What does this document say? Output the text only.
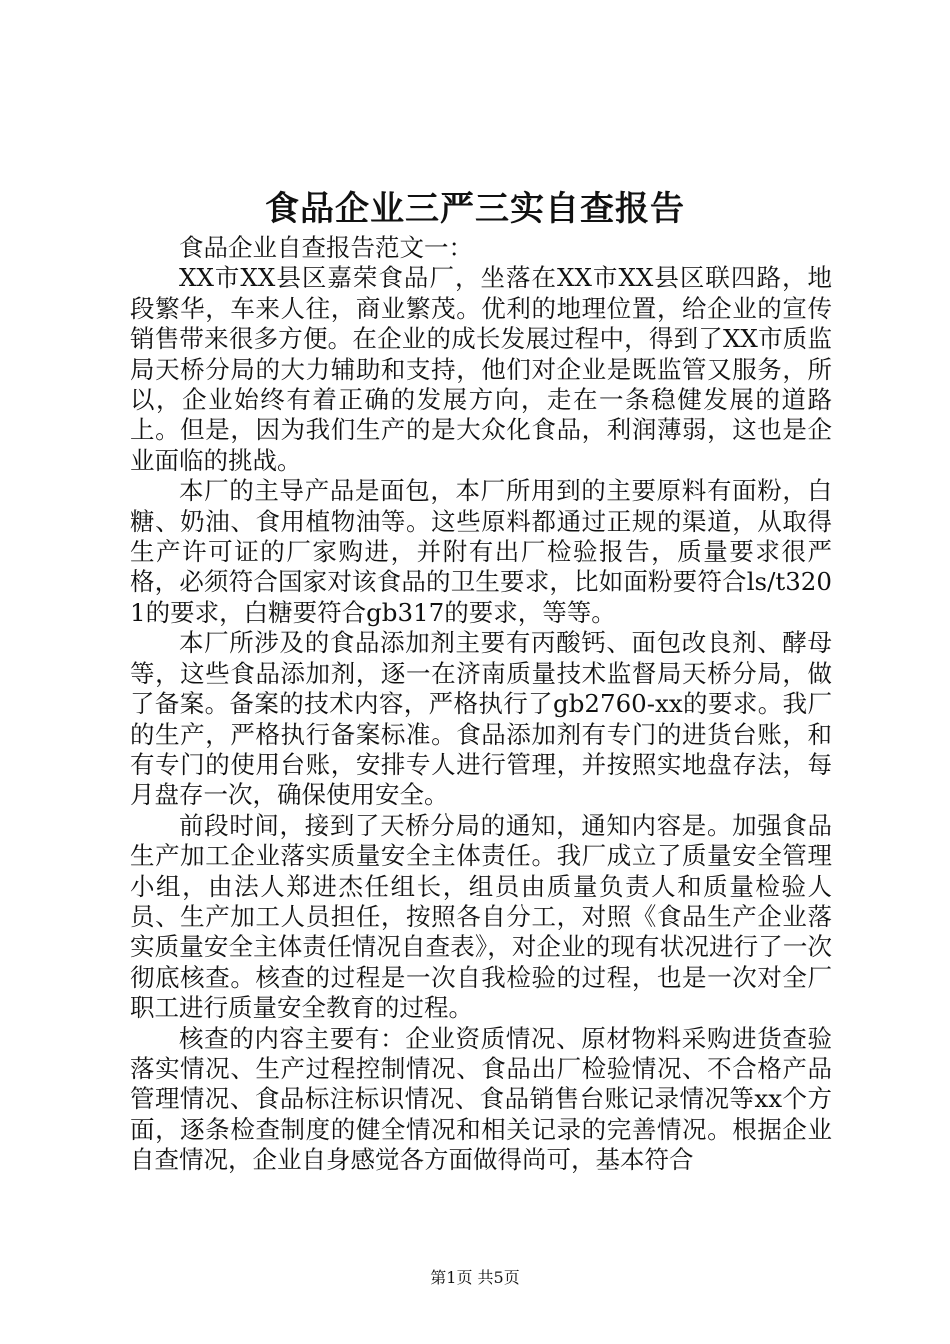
食品企业三严三实自查报告

食品企业自查报告范文一：

XX市XX县区嘉荣食品厂，坐落在XX市XX县区联四路，地段繁华，车来人往，商业繁茂。优利的地理位置，给企业的宣传销售带来很多方便。在企业的成长发展过程中，得到了XX市质监局天桥分局的大力辅助和支持，他们对企业是既监管又服务，所以，企业始终有着正确的发展方向，走在一条稳健发展的道路上。但是，因为我们生产的是大众化食品，利润薄弱，这也是企业面临的挑战。

本厂的主导产品是面包，本厂所用到的主要原料有面粉，白糖、奶油、食用植物油等。这些原料都通过正规的渠道，从取得生产许可证的厂家购进，并附有出厂检验报告，质量要求很严格，必须符合国家对该食品的卫生要求，比如面粉要符合ls/t3201的要求，白糖要符合gb317的要求，等等。

本厂所涉及的食品添加剂主要有丙酸钙、面包改良剂、酵母等，这些食品添加剂，逐一在济南质量技术监督局天桥分局，做了备案。备案的技术内容，严格执行了gb2760-xx的要求。我厂的生产，严格执行备案标准。食品添加剂有专门的进货台账，和有专门的使用台账，安排专人进行管理，并按照实地盘存法，每月盘存一次，确保使用安全。

前段时间，接到了天桥分局的通知，通知内容是。加强食品生产加工企业落实质量安全主体责任。我厂成立了质量安全管理小组，由法人郑进杰任组长，组员由质量负责人和质量检验人员、生产加工人员担任，按照各自分工，对照《食品生产企业落实质量安全主体责任情况自查表》，对企业的现有状况进行了一次彻底核查。核查的过程是一次自我检验的过程，也是一次对全厂职工进行质量安全教育的过程。

核查的内容主要有：企业资质情况、原材物料采购进货查验落实情况、生产过程控制情况、食品出厂检验情况、不合格产品管理情况、食品标注标识情况、食品销售台账记录情况等xx个方面，逐条检查制度的健全情况和相关记录的完善情况。根据企业自查情况，企业自身感觉各方面做得尚可，基本符合

第1页 共5页
